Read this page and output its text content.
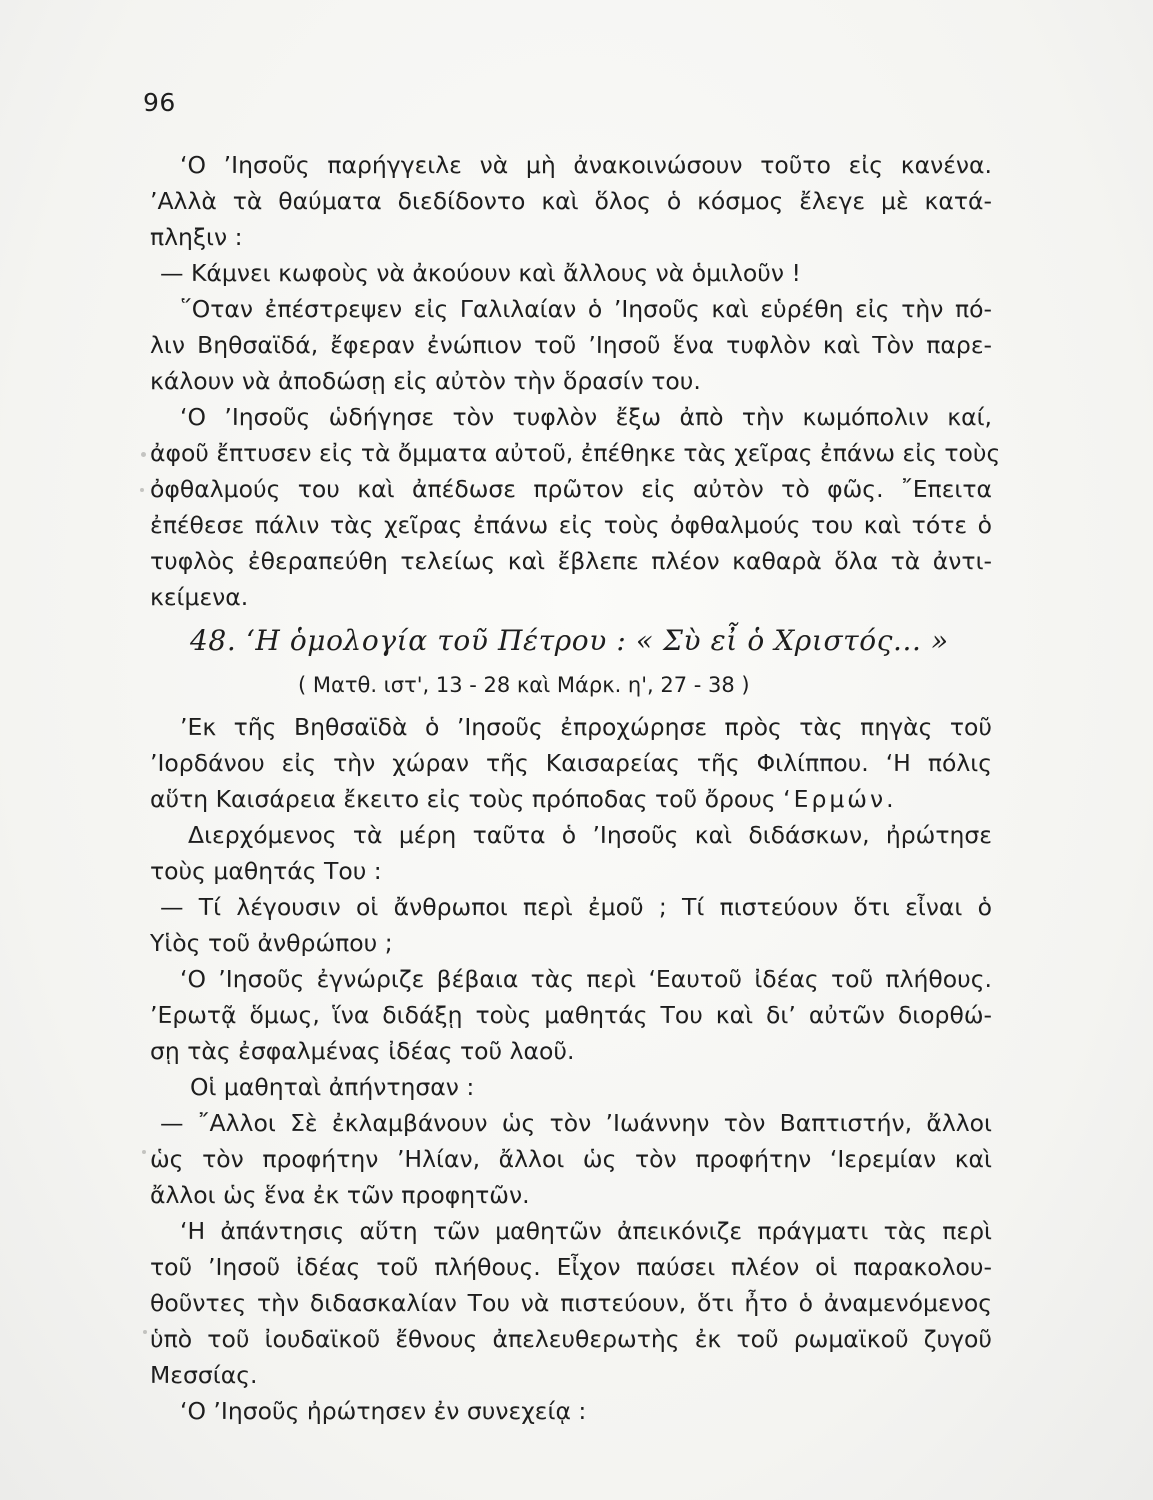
96
‘Ο ’Ιησοῦς παρήγγειλε νὰ μὴ ἀνακοινώσουν τοῦτο εἰς κανένα.
’Αλλὰ τὰ θαύματα διεδίδοντο καὶ ὅλος ὁ κόσμος ἔλεγε μὲ κατά-
πληξιν :
— Κάμνει κωφοὺς νὰ ἀκούουν καὶ ἄλλους νὰ ὁμιλοῦν !
῞Οταν ἐπέστρεψεν εἰς Γαλιλαίαν ὁ ’Ιησοῦς καὶ εὑρέθη εἰς τὴν πό-
λιν Βηθσαϊδά, ἔφεραν ἐνώπιον τοῦ ’Ιησοῦ ἕνα τυφλὸν καὶ Τὸν παρε-
κάλουν νὰ ἀποδώσῃ εἰς αὐτὸν τὴν ὅρασίν του.
‘Ο ’Ιησοῦς ὡδήγησε τὸν τυφλὸν ἔξω ἀπὸ τὴν κωμόπολιν καί,
ἀφοῦ ἔπτυσεν εἰς τὰ ὄμματα αὐτοῦ, ἐπέθηκε τὰς χεῖρας ἐπάνω εἰς τοὺς
ὀφθαλμούς του καὶ ἀπέδωσε πρῶτον εἰς αὐτὸν τὸ φῶς. ῎Επειτα
ἐπέθεσε πάλιν τὰς χεῖρας ἐπάνω εἰς τοὺς ὀφθαλμούς του καὶ τότε ὁ
τυφλὸς ἐθεραπεύθη τελείως καὶ ἔβλεπε πλέον καθαρὰ ὅλα τὰ ἀντι-
κείμενα.
48. ‘Η ὁμολογία τοῦ Πέτρου : « Σὺ εἶ ὁ Χριστός... »
( Ματθ. ιστ', 13 - 28 καὶ Μάρκ. η', 27 - 38 )
’Εκ τῆς Βηθσαϊδὰ ὁ ’Ιησοῦς ἐπροχώρησε πρὸς τὰς πηγὰς τοῦ
’Ιορδάνου εἰς τὴν χώραν τῆς Καισαρείας τῆς Φιλίππου. ‘Η πόλις
αὕτη Καισάρεια ἔκειτο εἰς τοὺς πρόποδας τοῦ ὄρους ‘Ερμών.
Διερχόμενος τὰ μέρη ταῦτα ὁ ’Ιησοῦς καὶ διδάσκων, ἠρώτησε
τοὺς μαθητάς Του :
— Τί λέγουσιν οἱ ἄνθρωποι περὶ ἐμοῦ ; Τί πιστεύουν ὅτι εἶναι ὁ
Υἱὸς τοῦ ἀνθρώπου ;
‘Ο ’Ιησοῦς ἐγνώριζε βέβαια τὰς περὶ ‘Εαυτοῦ ἰδέας τοῦ πλήθους.
’Ερωτᾷ ὅμως, ἵνα διδάξῃ τοὺς μαθητάς Του καὶ δι’ αὐτῶν διορθώ-
σῃ τὰς ἐσφαλμένας ἰδέας τοῦ λαοῦ.
Οἱ μαθηταὶ ἀπήντησαν :
— ῎Αλλοι Σὲ ἐκλαμβάνουν ὡς τὸν ’Ιωάννην τὸν Βαπτιστήν, ἄλλοι
ὡς τὸν προφήτην ’Ηλίαν, ἄλλοι ὡς τὸν προφήτην ‘Ιερεμίαν καὶ
ἄλλοι ὡς ἕνα ἐκ τῶν προφητῶν.
‘Η ἀπάντησις αὕτη τῶν μαθητῶν ἀπεικόνιζε πράγματι τὰς περὶ
τοῦ ’Ιησοῦ ἰδέας τοῦ πλήθους. Εἶχον παύσει πλέον οἱ παρακολου-
θοῦντες τὴν διδασκαλίαν Του νὰ πιστεύουν, ὅτι ἦτο ὁ ἀναμενόμενος
ὑπὸ τοῦ ἰουδαϊκοῦ ἔθνους ἀπελευθερωτὴς ἐκ τοῦ ρωμαϊκοῦ ζυγοῦ
Μεσσίας.
‘Ο ’Ιησοῦς ἠρώτησεν ἐν συνεχείᾳ :
